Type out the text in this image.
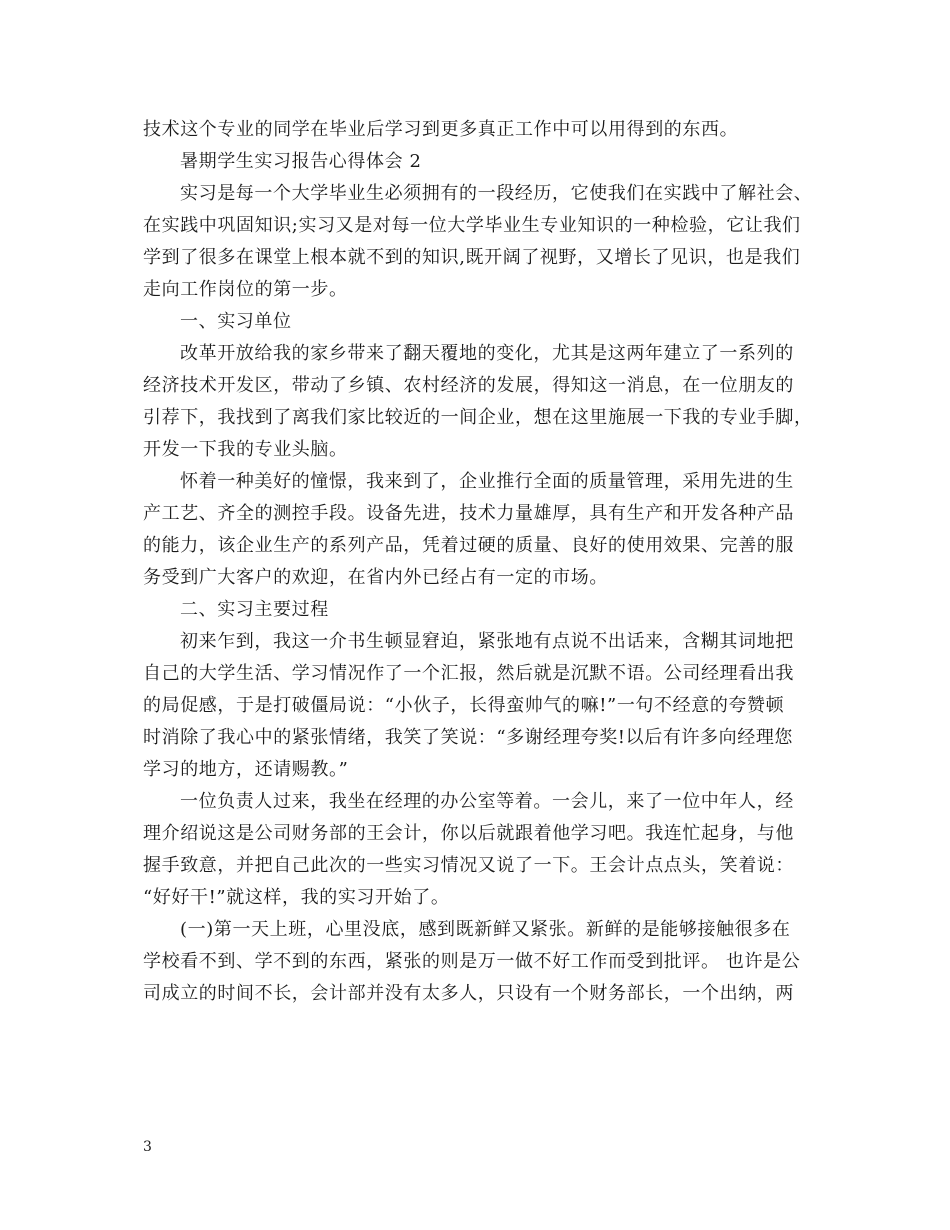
技术这个专业的同学在毕业后学习到更多真正工作中可以用得到的东西。
暑期学生实习报告心得体会 2
实习是每一个大学毕业生必须拥有的一段经历，它使我们在实践中了解社会、
在实践中巩固知识;实习又是对每一位大学毕业生专业知识的一种检验，它让我们
学到了很多在课堂上根本就不到的知识,既开阔了视野，又增长了见识，也是我们
走向工作岗位的第一步。
一、实习单位
改革开放给我的家乡带来了翻天覆地的变化，尤其是这两年建立了一系列的
经济技术开发区，带动了乡镇、农村经济的发展，得知这一消息，在一位朋友的
引荐下，我找到了离我们家比较近的一间企业，想在这里施展一下我的专业手脚，
开发一下我的专业头脑。
怀着一种美好的憧憬，我来到了，企业推行全面的质量管理，采用先进的生
产工艺、齐全的测控手段。设备先进，技术力量雄厚，具有生产和开发各种产品
的能力，该企业生产的系列产品，凭着过硬的质量、良好的使用效果、完善的服
务受到广大客户的欢迎，在省内外已经占有一定的市场。
二、实习主要过程
初来乍到，我这一介书生顿显窘迫，紧张地有点说不出话来，含糊其词地把
自己的大学生活、学习情况作了一个汇报，然后就是沉默不语。公司经理看出我
的局促感，于是打破僵局说：“小伙子，长得蛮帅气的嘛!”一句不经意的夸赞顿
时消除了我心中的紧张情绪，我笑了笑说：“多谢经理夸奖!以后有许多向经理您
学习的地方，还请赐教。”
一位负责人过来，我坐在经理的办公室等着。一会儿，来了一位中年人，经
理介绍说这是公司财务部的王会计，你以后就跟着他学习吧。我连忙起身，与他
握手致意，并把自己此次的一些实习情况又说了一下。王会计点点头，笑着说：
“好好干!”就这样，我的实习开始了。
(一)第一天上班，心里没底，感到既新鲜又紧张。新鲜的是能够接触很多在
学校看不到、学不到的东西，紧张的则是万一做不好工作而受到批评。 也许是公
司成立的时间不长，会计部并没有太多人，只设有一个财务部长，一个出纳，两
3
